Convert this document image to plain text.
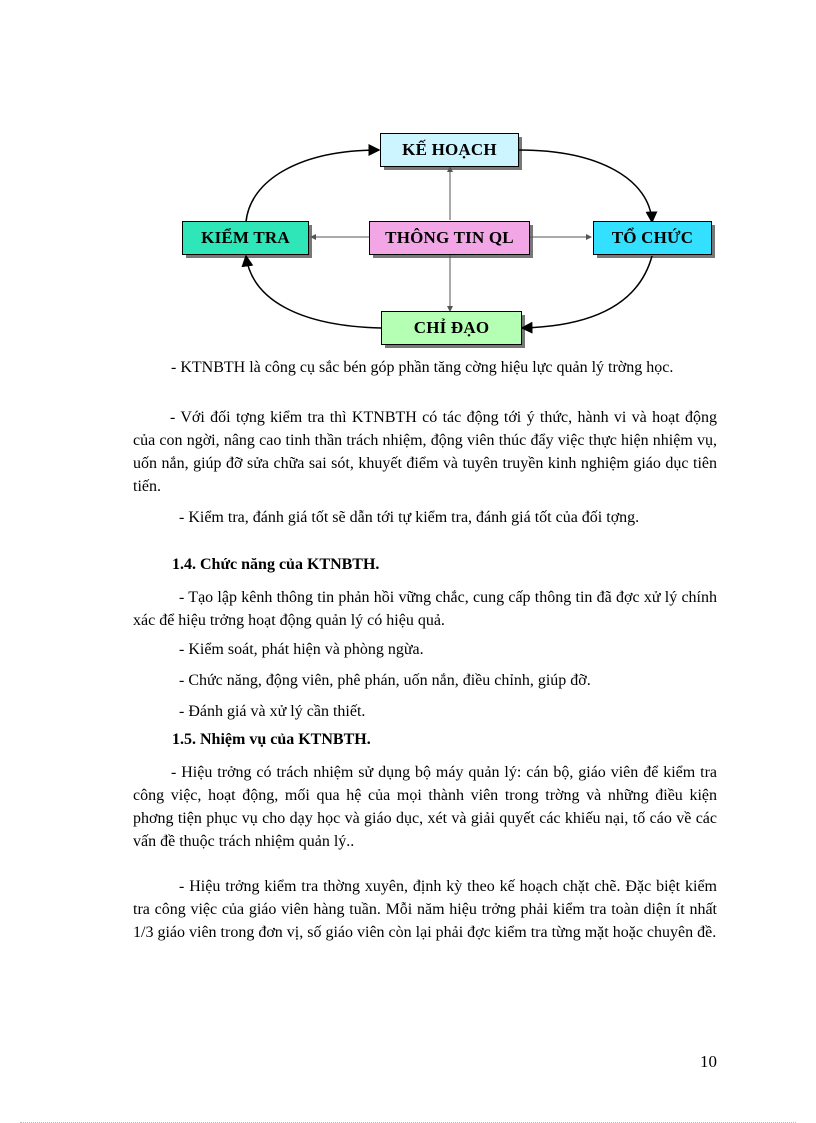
KẾ HOẠCH
KIỂM TRA	THÔNG TIN QL	TỔ CHỨC
CHỈ ĐẠO

- KTNBTH là công cụ sắc bén góp phần tăng cờng hiệu lực quản lý trờng học.

- Với đối tợng kiểm tra thì KTNBTH có tác động tới ý thức, hành vi và hoạt động của con ngời, nâng cao tinh thần trách nhiệm, động viên thúc đẩy việc thực hiện nhiệm vụ, uốn nắn, giúp đỡ sửa chữa sai sót, khuyết điểm và tuyên truyền kinh nghiệm giáo dục tiên tiến.

- Kiểm tra, đánh giá tốt sẽ dẫn tới tự kiểm tra, đánh giá tốt của đối tợng.

1.4. Chức năng của KTNBTH.

- Tạo lập kênh thông tin phản hồi vững chắc, cung cấp thông tin đã đợc xử lý chính xác để hiệu trởng hoạt động quản lý có hiệu quả.

- Kiểm soát, phát hiện và phòng ngừa.

- Chức năng, động viên, phê phán, uốn nắn, điều chỉnh, giúp đỡ.

- Đánh giá và xử lý cần thiết.

1.5. Nhiệm vụ của KTNBTH.

- Hiệu trởng có trách nhiệm sử dụng bộ máy quản lý: cán bộ, giáo viên để kiểm tra công việc, hoạt động, mối qua hệ của mọi thành viên trong trờng và những điều kiện phơng tiện phục vụ cho dạy học và giáo dục, xét và giải quyết các khiếu nại, tố cáo về các vấn đề thuộc trách nhiệm quản lý..

- Hiệu trởng kiểm tra thờng xuyên, định kỳ theo kế hoạch chặt chẽ. Đặc biệt kiểm tra công việc của giáo viên hàng tuần. Mỗi năm hiệu trởng phải kiểm tra toàn diện ít nhất 1/3 giáo viên trong đơn vị, số giáo viên còn lại phải đợc kiểm tra từng mặt hoặc chuyên đề.

10
